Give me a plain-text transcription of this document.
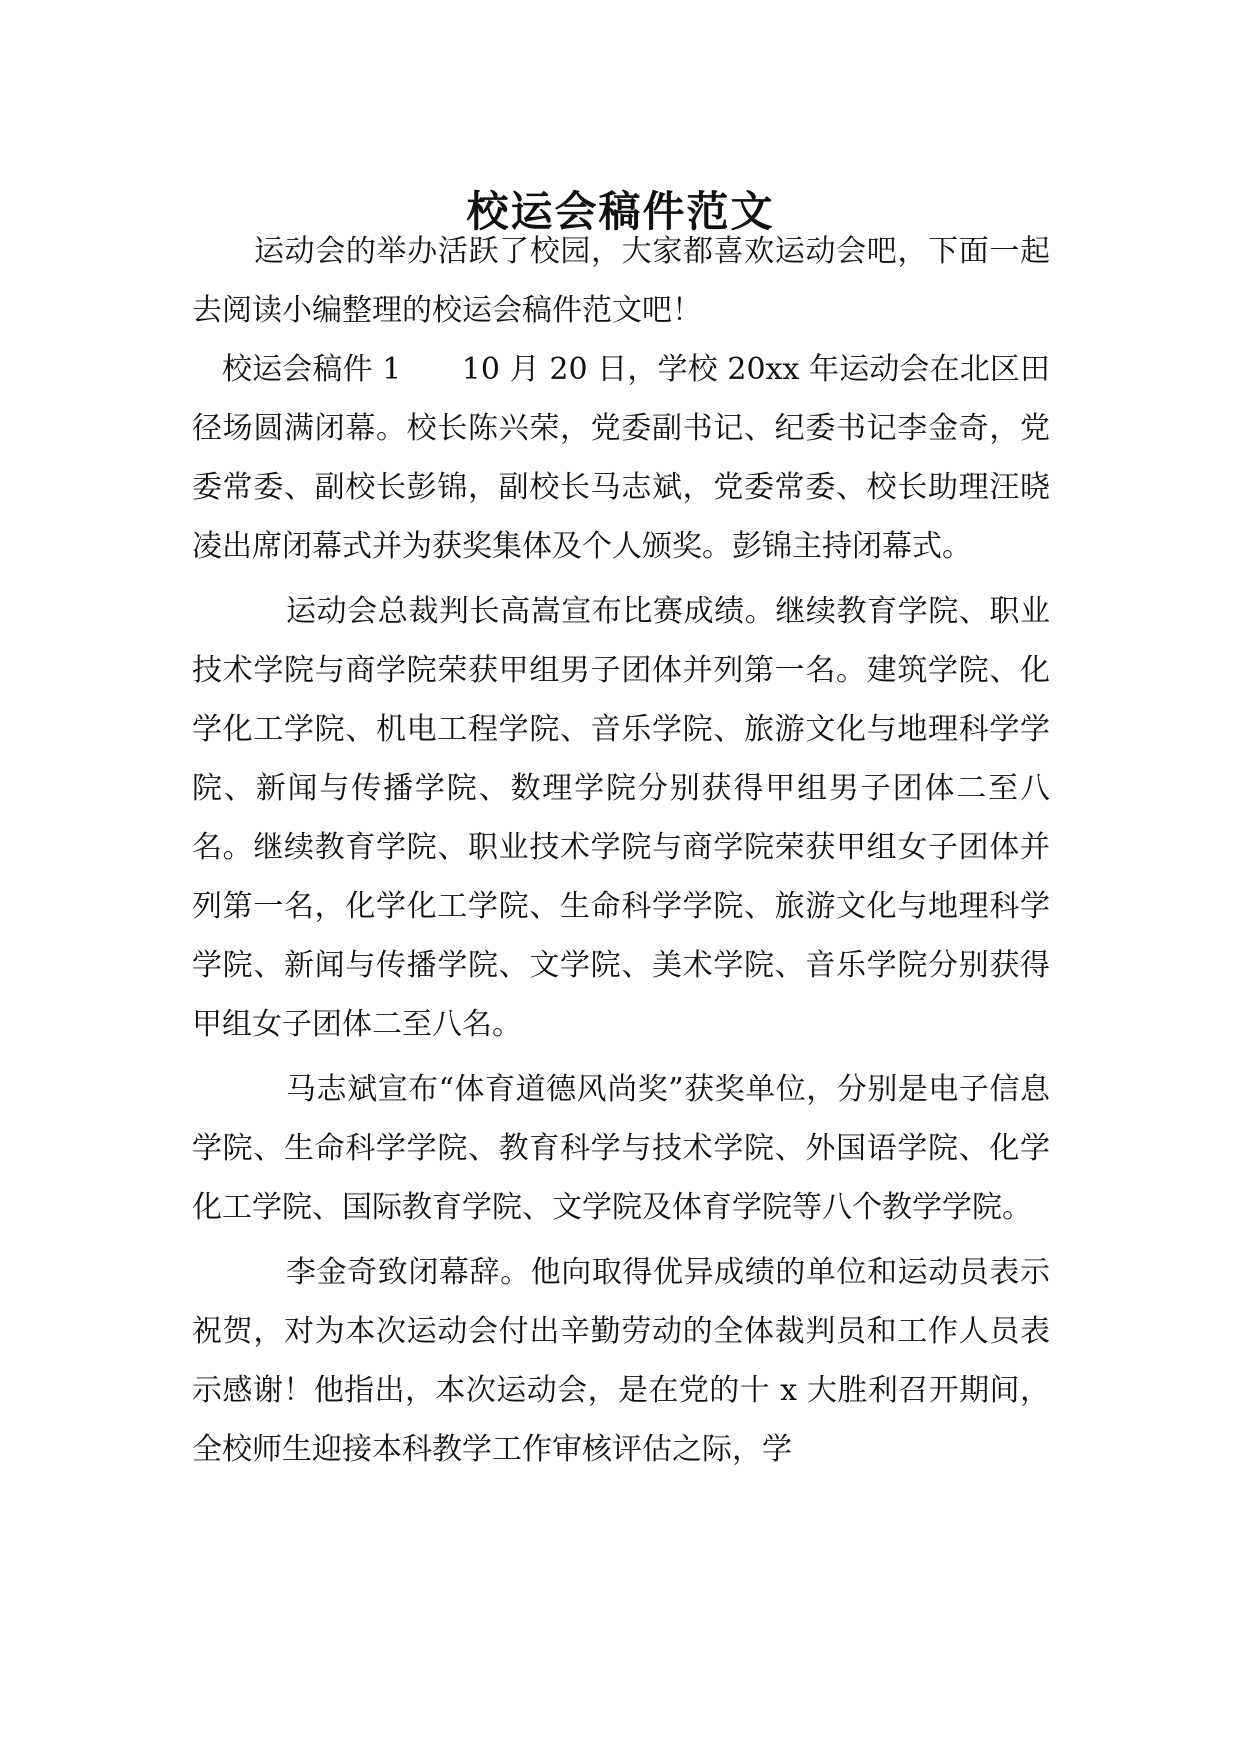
校运会稿件范文

运动会的举办活跃了校园，大家都喜欢运动会吧，下面一起去阅读小编整理的校运会稿件范文吧！

校运会稿件 1　　10 月 20 日，学校 20xx 年运动会在北区田径场圆满闭幕。校长陈兴荣，党委副书记、纪委书记李金奇，党委常委、副校长彭锦，副校长马志斌，党委常委、校长助理汪晓凌出席闭幕式并为获奖集体及个人颁奖。彭锦主持闭幕式。

运动会总裁判长高嵩宣布比赛成绩。继续教育学院、职业技术学院与商学院荣获甲组男子团体并列第一名。建筑学院、化学化工学院、机电工程学院、音乐学院、旅游文化与地理科学学院、新闻与传播学院、数理学院分别获得甲组男子团体二至八名。继续教育学院、职业技术学院与商学院荣获甲组女子团体并列第一名，化学化工学院、生命科学学院、旅游文化与地理科学学院、新闻与传播学院、文学院、美术学院、音乐学院分别获得甲组女子团体二至八名。

马志斌宣布“体育道德风尚奖”获奖单位，分别是电子信息学院、生命科学学院、教育科学与技术学院、外国语学院、化学化工学院、国际教育学院、文学院及体育学院等八个教学学院。

李金奇致闭幕辞。他向取得优异成绩的单位和运动员表示祝贺，对为本次运动会付出辛勤劳动的全体裁判员和工作人员表示感谢！他指出，本次运动会，是在党的十 x 大胜利召开期间，全校师生迎接本科教学工作审核评估之际，学
